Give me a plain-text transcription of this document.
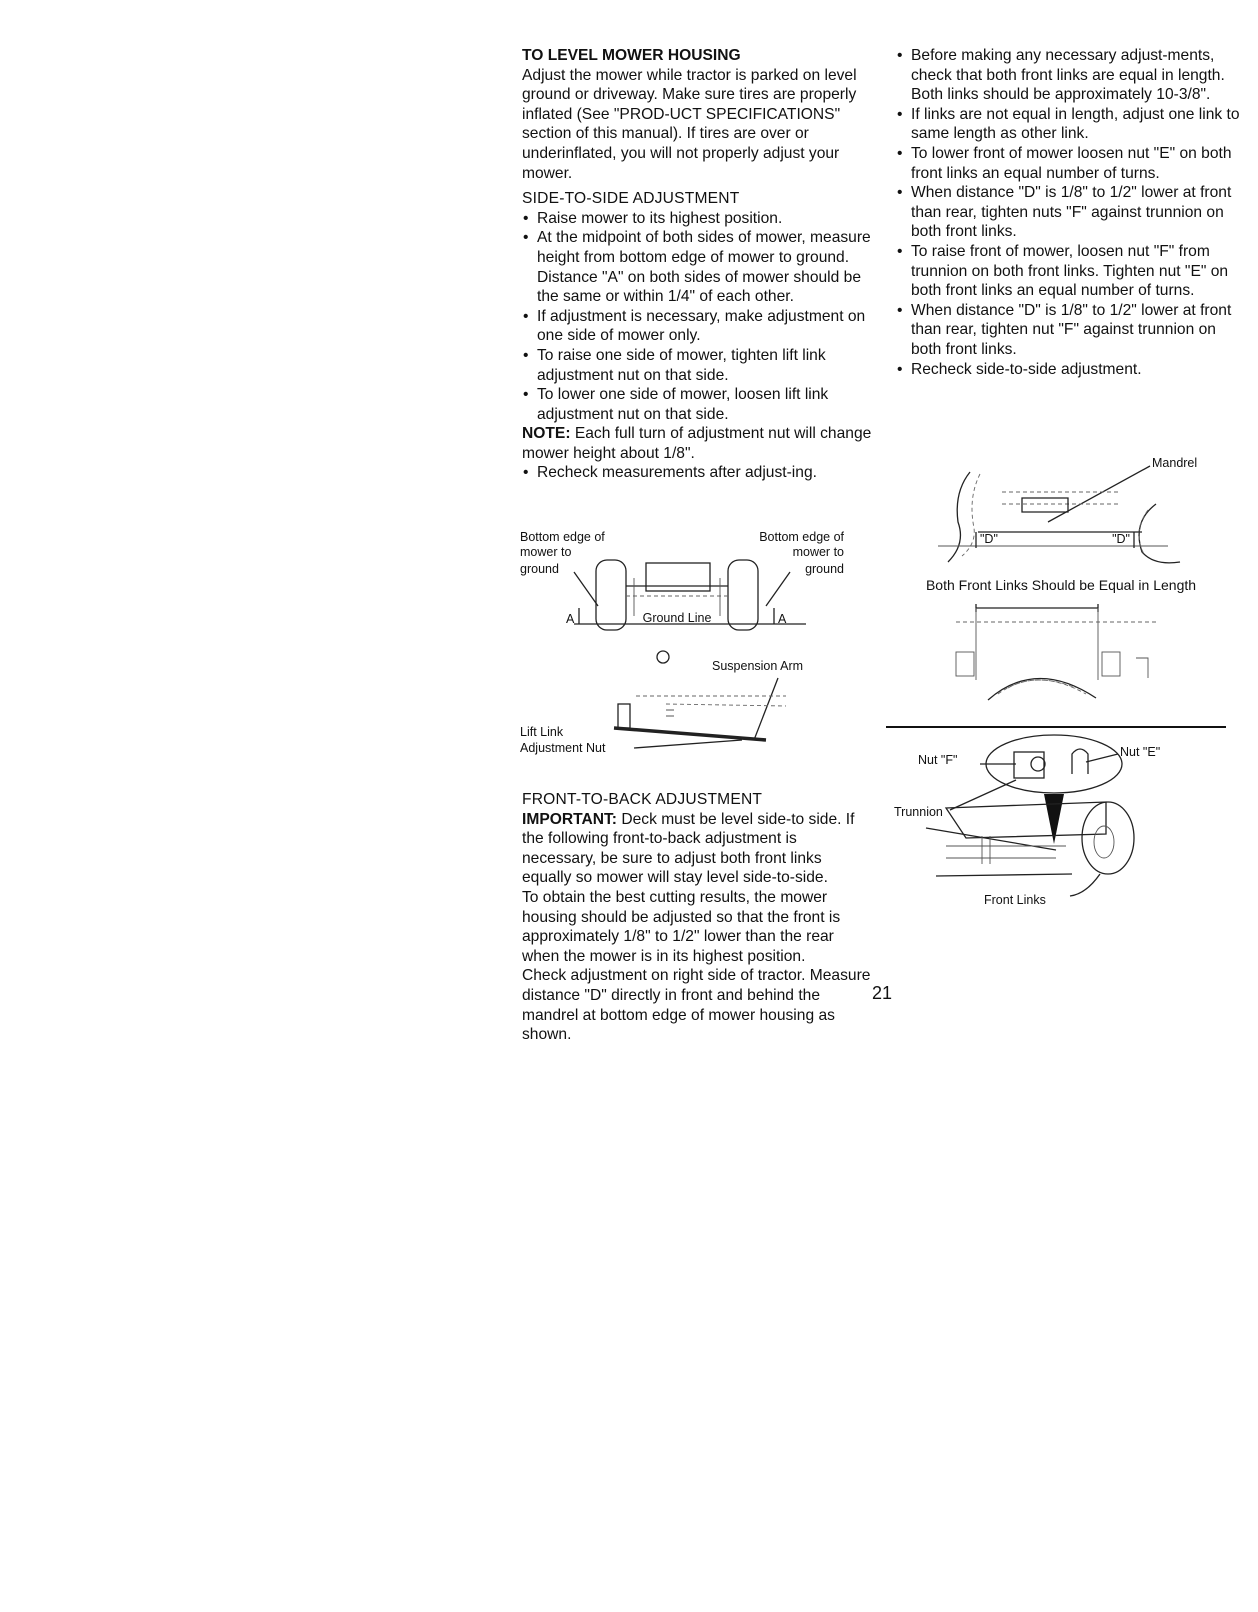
TO LEVEL MOWER HOUSING

Adjust the mower while tractor is parked on level ground or driveway. Make sure tires are properly inflated (See "PROD-UCT SPECIFICATIONS" section of this manual). If tires are over or underinflated, you will not properly adjust your mower.

SIDE-TO-SIDE ADJUSTMENT
• Raise mower to its highest position.
• At the midpoint of both sides of mower, measure height from bottom edge of mower to ground. Distance "A" on both sides of mower should be the same or within 1/4" of each other.
• If adjustment is necessary, make adjustment on one side of mower only.
• To raise one side of mower, tighten lift link adjustment nut on that side.
• To lower one side of mower, loosen lift link adjustment nut on that side.

NOTE: Each full turn of adjustment nut will change mower height about 1/8".

• Recheck measurements after adjust-ing.
Bottom edge of
mower to
ground
Bottom edge of
mower to
ground
Ground Line
A	A
Suspension Arm
Lift Link
Adjustment Nut
FRONT-TO-BACK ADJUSTMENT

IMPORTANT: Deck must be level side-to side. If the following front-to-back adjustment is necessary, be sure to adjust both front links equally so mower will stay level side-to-side.

To obtain the best cutting results, the mower housing should be adjusted so that the front is approximately 1/8" to 1/2" lower than the rear when the mower is in its highest position.

Check adjustment on right side of tractor. Measure distance "D" directly in front and behind the mandrel at bottom edge of mower housing as shown.

• Before making any necessary adjust-ments, check that both front links are equal in length. Both links should be approximately 10-3/8".
• If links are not equal in length, adjust one link to same length as other link.
• To lower front of mower loosen nut "E" on both front links an equal number of turns.
• When distance "D" is 1/8" to 1/2" lower at front than rear, tighten nuts "F" against trunnion on both front links.
• To raise front of mower, loosen nut "F" from trunnion on both front links. Tighten nut "E" on both front links an equal number of turns.
• When distance "D" is 1/8" to 1/2" lower at front than rear, tighten nut "F" against trunnion on both front links.
• Recheck side-to-side adjustment.
Mandrel
"D"	"D"
Both Front Links Should be Equal in Length
Nut "F"
Nut "E"
Trunnion
Front Links
21
